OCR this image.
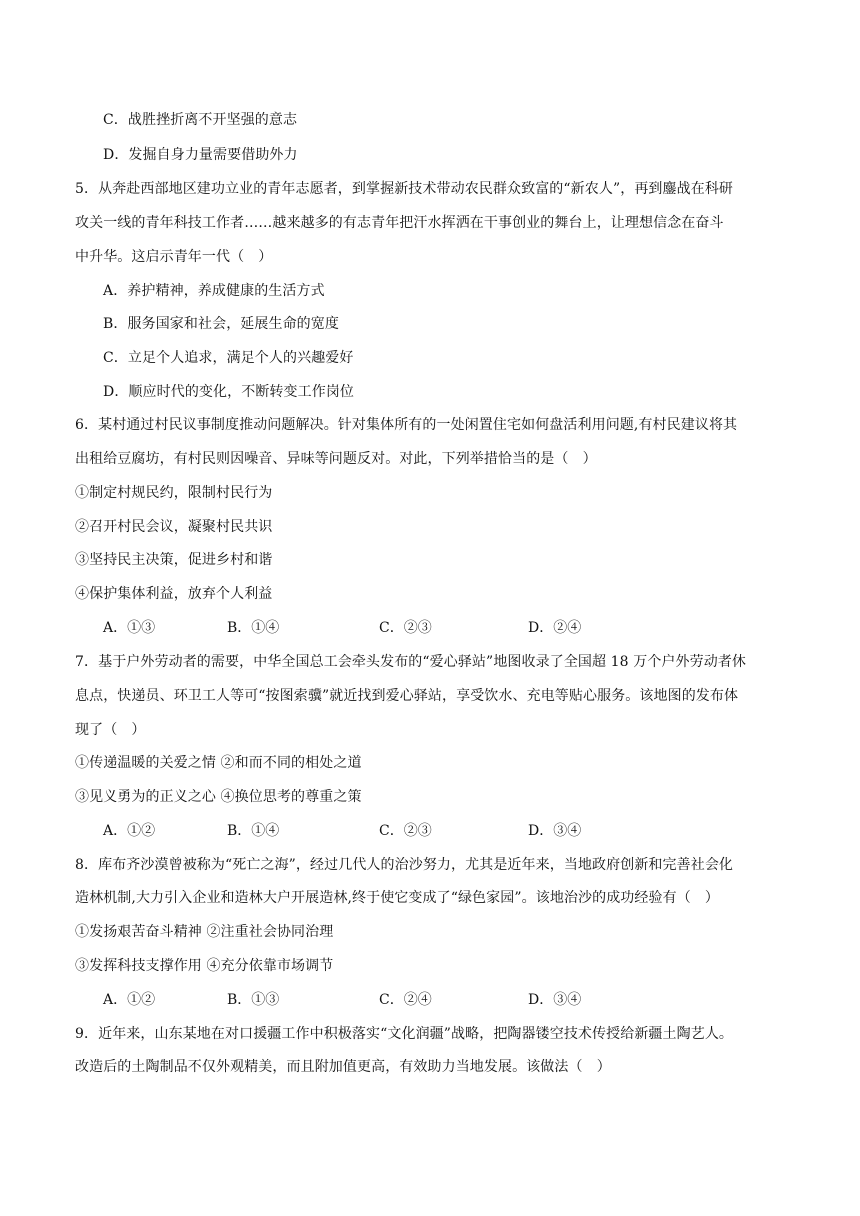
C．战胜挫折离不开坚强的意志
D．发掘自身力量需要借助外力
5．从奔赴西部地区建功立业的青年志愿者，到掌握新技术带动农民群众致富的“新农人”，再到鏖战在科研
攻关一线的青年科技工作者……越来越多的有志青年把汗水挥洒在干事创业的舞台上，让理想信念在奋斗
中升华。这启示青年一代（　）
A．养护精神，养成健康的生活方式
B．服务国家和社会，延展生命的宽度
C．立足个人追求，满足个人的兴趣爱好
D．顺应时代的变化，不断转变工作岗位
6．某村通过村民议事制度推动问题解决。针对集体所有的一处闲置住宅如何盘活利用问题,有村民建议将其
出租给豆腐坊，有村民则因噪音、异味等问题反对。对此，下列举措恰当的是（　）
①制定村规民约，限制村民行为
②召开村民会议，凝聚村民共识
③坚持民主决策，促进乡村和谐
④保护集体利益，放弃个人利益
A．①③	B．①④	C．②③	D．②④
7．基于户外劳动者的需要，中华全国总工会牵头发布的“爱心驿站”地图收录了全国超 18 万个户外劳动者休
息点，快递员、环卫工人等可“按图索骥”就近找到爱心驿站，享受饮水、充电等贴心服务。该地图的发布体
现了（　）
①传递温暖的关爱之情 ②和而不同的相处之道
③见义勇为的正义之心 ④换位思考的尊重之策
A．①②	B．①④	C．②③	D．③④
8．库布齐沙漠曾被称为“死亡之海”，经过几代人的治沙努力，尤其是近年来，当地政府创新和完善社会化
造林机制,大力引入企业和造林大户开展造林,终于使它变成了“绿色家园”。该地治沙的成功经验有（　）
①发扬艰苦奋斗精神 ②注重社会协同治理
③发挥科技支撑作用 ④充分依靠市场调节
A．①②	B．①③	C．②④	D．③④
9．近年来，山东某地在对口援疆工作中积极落实“文化润疆”战略，把陶器镂空技术传授给新疆土陶艺人。
改造后的土陶制品不仅外观精美，而且附加值更高，有效助力当地发展。该做法（　）
